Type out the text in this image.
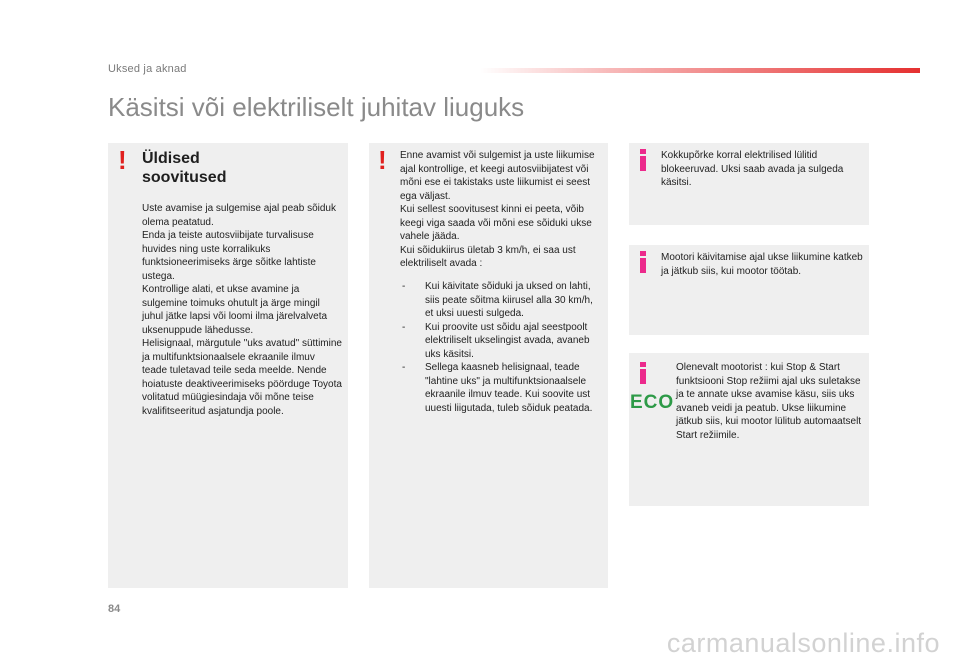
Uksed ja aknad
Käsitsi või elektriliselt juhitav liuguks
! Üldised
soovitused
Uste avamise ja sulgemise ajal peab sõiduk olema peatatud.
Enda ja teiste autosviibijate turvalisuse huvides ning uste korralikuks funktsioneerimiseks ärge sõitke lahtiste ustega.
Kontrollige alati, et ukse avamine ja sulgemine toimuks ohutult ja ärge mingil juhul jätke lapsi või loomi ilma järelvalveta uksenuppude lähedusse.
Helisignaal, märgutule "uks avatud" süttimine ja multifunktsionaalsele ekraanile ilmuv teade tuletavad teile seda meelde. Nende hoiatuste deaktiveerimiseks pöörduge Toyota volitatud müügiesindaja või mõne teise kvalifitseeritud asjatundja poole.
! Enne avamist või sulgemist ja uste liikumise ajal kontrollige, et keegi autosviibijatest või mõni ese ei takistaks uste liikumist ei seest ega väljast.
Kui sellest soovitusest kinni ei peeta, võib keegi viga saada või mõni ese sõiduki ukse vahele jääda.
Kui sõidukiirus ületab 3 km/h, ei saa ust elektriliselt avada :
- Kui käivitate sõiduki ja uksed on lahti, siis peate sõitma kiirusel alla 30 km/h, et uksi uuesti sulgeda.
- Kui proovite ust sõidu ajal seestpoolt elektriliselt ukselingist avada, avaneb uks käsitsi.
- Sellega kaasneb helisignaal, teade "lahtine uks" ja multifunktsionaalsele ekraanile ilmuv teade. Kui soovite ust uuesti liigutada, tuleb sõiduk peatada.
Kokkupõrke korral elektrilised lülitid blokeeruvad. Uksi saab avada ja sulgeda käsitsi.
Mootori käivitamise ajal ukse liikumine katkeb ja jätkub siis, kui mootor töötab.
Olenevalt mootorist : kui Stop & Start funktsiooni Stop režiimi ajal uks suletakse ja te annate ukse avamise käsu, siis uks avaneb veidi ja peatub. Ukse liikumine jätkub siis, kui mootor lülitub automaatselt Start režiimile.
ECO
84
carmanualsonline.info
